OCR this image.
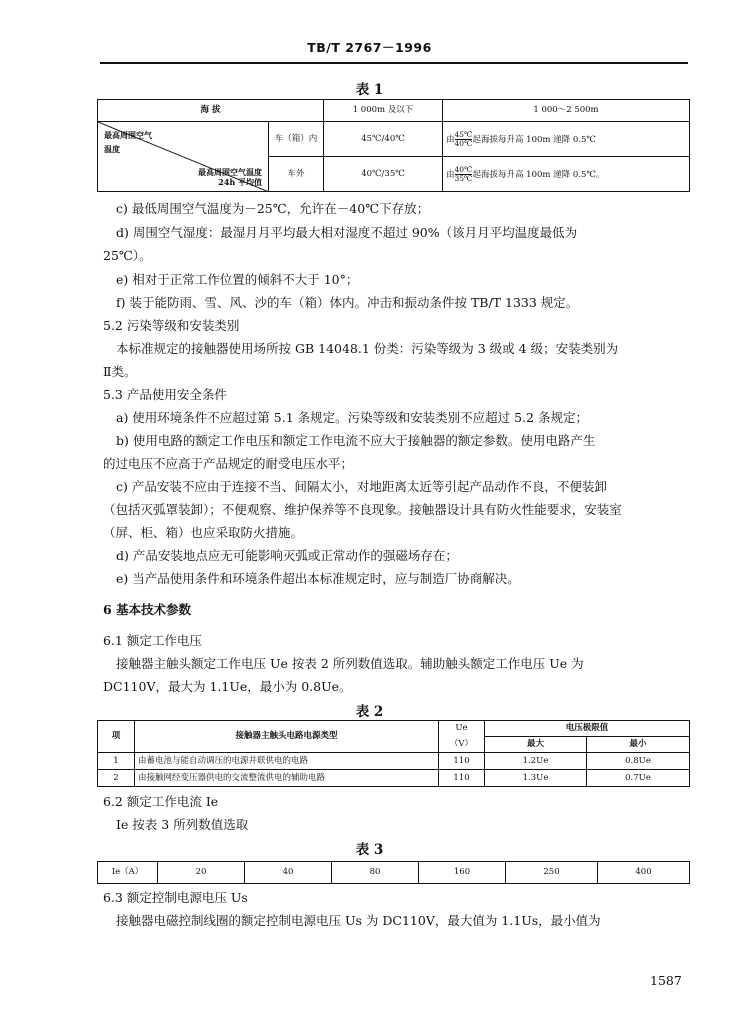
TB/T 2767－1996
表 1
海 拔		1 000m 及以下	1 000～2 500m

最高周围空气温度
最高周围空气温度 24h 平均值	车（箱）内	45℃/40℃	由 $\frac{45℃}{40℃}$ 起海拔每升高 100m 递降 0.5℃
	车外	40℃/35℃	由 $\frac{40℃}{35℃}$ 起海拔每升高 100m 递降 0.5℃。
c) 最低周围空气温度为－25℃，允许在－40℃下存放；
d) 周围空气湿度：最湿月月平均最大相对湿度不超过 90%（该月月平均温度最低为
25℃）。
e) 相对于正常工作位置的倾斜不大于 10°；
f) 装于能防雨、雪、风、沙的车（箱）体内。冲击和振动条件按 TB/T 1333 规定。
5.2 污染等级和安装类别
本标准规定的接触器使用场所按 GB 14048.1 份类：污染等级为 3 级或 4 级；安装类别为
Ⅱ类。
5.3 产品使用安全条件
a) 使用环境条件不应超过第 5.1 条规定。污染等级和安装类别不应超过 5.2 条规定；
b) 使用电路的额定工作电压和额定工作电流不应大于接触器的额定参数。使用电路产生
的过电压不应高于产品规定的耐受电压水平；
c) 产品安装不应由于连接不当、间隔太小，对地距离太近等引起产品动作不良，不便装卸
（包括灭弧罩装卸）；不便观察、维护保养等不良现象。接触器设计具有防火性能要求，安装室
（屏、柜、箱）也应采取防火措施。
d) 产品安装地点应无可能影响灭弧或正常动作的强磁场存在；
e) 当产品使用条件和环境条件超出本标准规定时，应与制造厂协商解决。
6 基本技术参数
6.1 额定工作电压
接触器主触头额定工作电压 Ue 按表 2 所列数值选取。辅助触头额定工作电压 Ue 为
DC110V，最大为 1.1Ue，最小为 0.8Ue。
表 2
项	接触器主触头电路电源类型	Ue	电压极限值	
		（V）	最大	最小
1	由蓄电池与能自动调压的电源并联供电的电路	110	1.2Ue	0.8Ue
2	由接触网经变压器供电的交流整流供电的辅助电路	110	1.3Ue	0.7Ue
6.2 额定工作电流 Ie
Ie 按表 3 所列数值选取
表 3
Ie（A）	20	40	80	160	250	400
6.3 额定控制电源电压 Us
接触器电磁控制线圈的额定控制电源电压 Us 为 DC110V，最大值为 1.1Us，最小值为
1587
